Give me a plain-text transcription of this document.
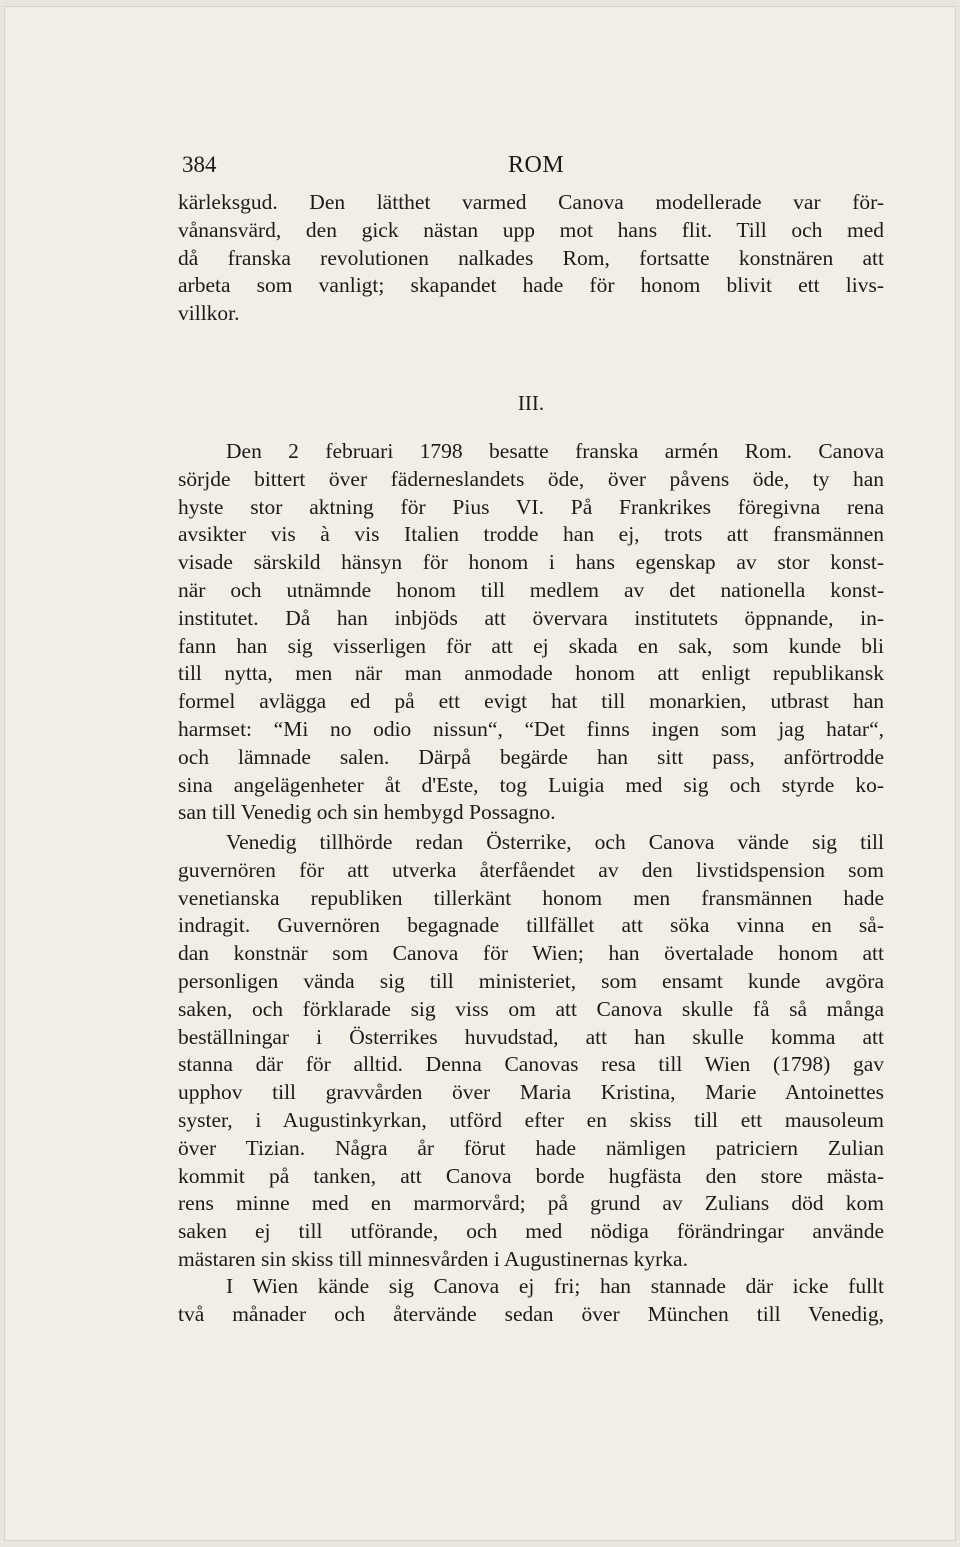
384	ROM
kärleksgud. Den lätthet varmed Canova modellerade var för-
vånansvärd, den gick nästan upp mot hans flit. Till och med
då franska revolutionen nalkades Rom, fortsatte konstnären att
arbeta som vanligt; skapandet hade för honom blivit ett livs-
villkor.
III.
Den 2 februari 1798 besatte franska armén Rom. Canova
sörjde bittert över fäderneslandets öde, över påvens öde, ty han
hyste stor aktning för Pius VI. På Frankrikes föregivna rena
avsikter vis à vis Italien trodde han ej, trots att fransmännen
visade särskild hänsyn för honom i hans egenskap av stor konst-
när och utnämnde honom till medlem av det nationella konst-
institutet. Då han inbjöds att övervara institutets öppnande, in-
fann han sig visserligen för att ej skada en sak, som kunde bli
till nytta, men när man anmodade honom att enligt republikansk
formel avlägga ed på ett evigt hat till monarkien, utbrast han
harmset: “Mi no odio nissun“, “Det finns ingen som jag hatar“,
och lämnade salen. Därpå begärde han sitt pass, anförtrodde
sina angelägenheter åt d'Este, tog Luigia med sig och styrde ko-
san till Venedig och sin hembygd Possagno.
Venedig tillhörde redan Österrike, och Canova vände sig till
guvernören för att utverka återfåendet av den livstidspension som
venetianska republiken tillerkänt honom men fransmännen hade
indragit. Guvernören begagnade tillfället att söka vinna en så-
dan konstnär som Canova för Wien; han övertalade honom att
personligen vända sig till ministeriet, som ensamt kunde avgöra
saken, och förklarade sig viss om att Canova skulle få så många
beställningar i Österrikes huvudstad, att han skulle komma att
stanna där för alltid. Denna Canovas resa till Wien (1798) gav
upphov till gravvården över Maria Kristina, Marie Antoinettes
syster, i Augustinkyrkan, utförd efter en skiss till ett mausoleum
över Tizian. Några år förut hade nämligen patriciern Zulian
kommit på tanken, att Canova borde hugfästa den store mästa-
rens minne med en marmorvård; på grund av Zulians död kom
saken ej till utförande, och med nödiga förändringar använde
mästaren sin skiss till minnesvården i Augustinernas kyrka.
I Wien kände sig Canova ej fri; han stannade där icke fullt
två månader och återvände sedan över München till Venedig,
